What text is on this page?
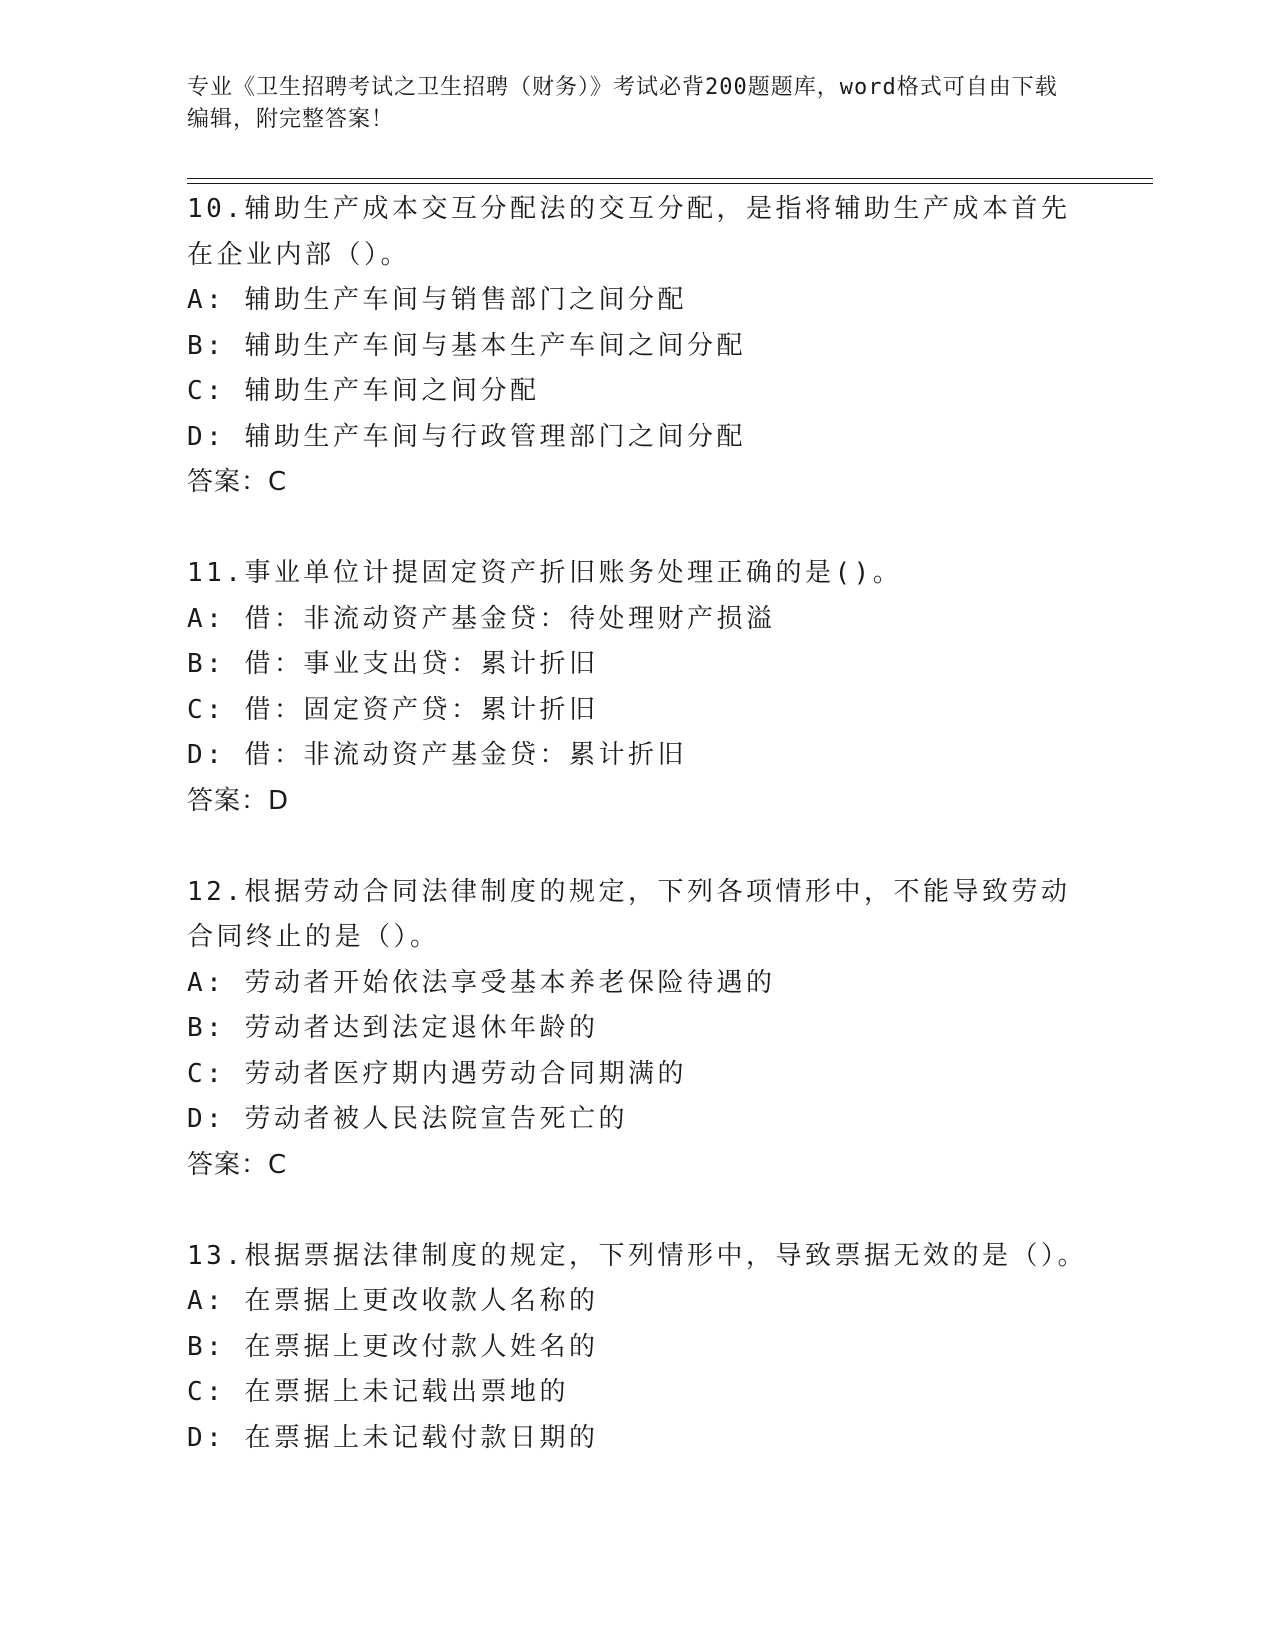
专业《卫生招聘考试之卫生招聘（财务）》考试必背200题题库，word格式可自由下载编辑，附完整答案！

10.辅助生产成本交互分配法的交互分配，是指将辅助生产成本首先在企业内部（）。

A: 辅助生产车间与销售部门之间分配

B: 辅助生产车间与基本生产车间之间分配

C: 辅助生产车间之间分配

D: 辅助生产车间与行政管理部门之间分配

答案：C

11.事业单位计提固定资产折旧账务处理正确的是()。

A: 借：非流动资产基金贷：待处理财产损溢

B: 借：事业支出贷：累计折旧

C: 借：固定资产贷：累计折旧

D: 借：非流动资产基金贷：累计折旧

答案：D

12.根据劳动合同法律制度的规定，下列各项情形中，不能导致劳动合同终止的是（）。

A: 劳动者开始依法享受基本养老保险待遇的

B: 劳动者达到法定退休年龄的

C: 劳动者医疗期内遇劳动合同期满的

D: 劳动者被人民法院宣告死亡的

答案：C

13.根据票据法律制度的规定，下列情形中，导致票据无效的是（）。

A: 在票据上更改收款人名称的

B: 在票据上更改付款人姓名的

C: 在票据上未记载出票地的

D: 在票据上未记载付款日期的
